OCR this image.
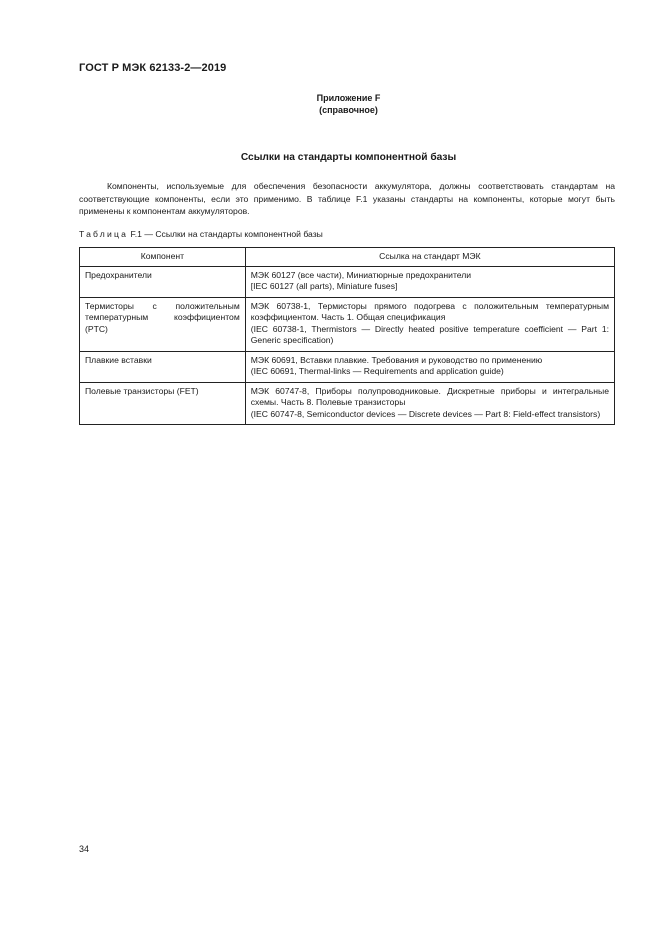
ГОСТ Р МЭК 62133-2—2019
Приложение F
(справочное)
Ссылки на стандарты компонентной базы

Компоненты, используемые для обеспечения безопасности аккумулятора, должны соответствовать стандартам на соответствующие компоненты, если это применимо. В таблице F.1 указаны стандарты на компоненты, которые могут быть применены к компонентам аккумуляторов.

Таблица F.1 — Ссылки на стандарты компонентной базы
Компонент	Ссылка на стандарт МЭК
Предохранители	МЭК 60127 (все части), Миниатюрные предохранители
[IEC 60127 (all parts), Miniature fuses]

Термисторы с положительным температурным коэффициентом (PTC)	МЭК 60738-1, Термисторы прямого подогрева с положительным температурным коэффициентом. Часть 1. Общая спецификация
(IEC 60738-1, Thermistors — Directly heated positive temperature coefficient — Part 1: Generic specification)

Плавкие вставки	МЭК 60691, Вставки плавкие. Требования и руководство по применению
(IEC 60691, Thermal-links — Requirements and application guide)

Полевые транзисторы (FET)	МЭК 60747-8, Приборы полупроводниковые. Дискретные приборы и интегральные схемы. Часть 8. Полевые транзисторы
(IEC 60747-8, Semiconductor devices — Discrete devices — Part 8: Field-effect transistors)
34
